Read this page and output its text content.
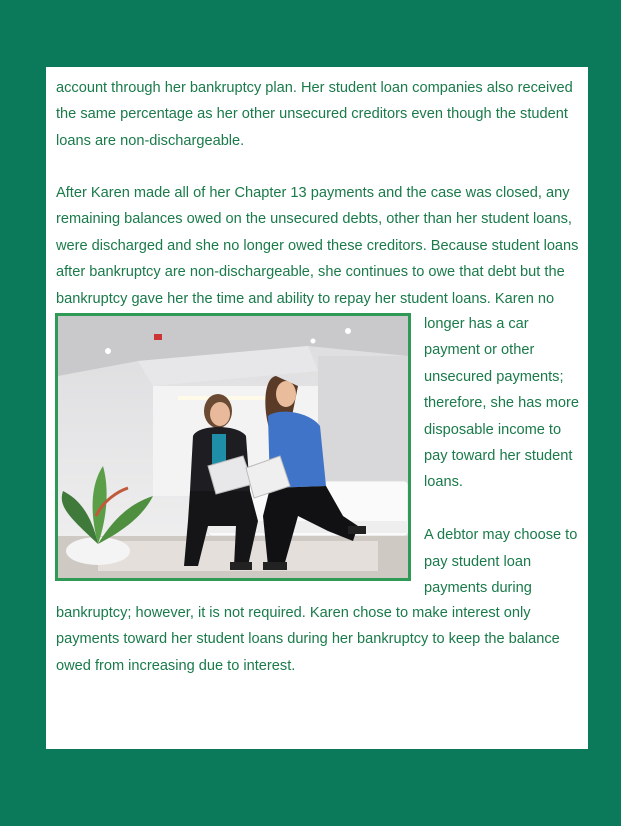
account through her bankruptcy plan. Her student loan companies also received
the same percentage as her other unsecured creditors even though the student
loans are non-dischargeable.
After Karen made all of her Chapter 13 payments and the case was closed, any
remaining balances owed on the unsecured debts, other than her student loans,
were discharged and she no longer owed these creditors. Because student loans
after bankruptcy are non-dischargeable, she continues to owe that debt but the
bankruptcy gave her the time and ability to repay her student loans. Karen no
longer has a car
payment or other
unsecured payments;
therefore, she has more
disposable income to
pay toward her student
loans.
A debtor may choose to
pay student loan
payments during
bankruptcy; however, it is not required. Karen chose to make interest only
payments toward her student loans during her bankruptcy to keep the balance
owed from increasing due to interest.
